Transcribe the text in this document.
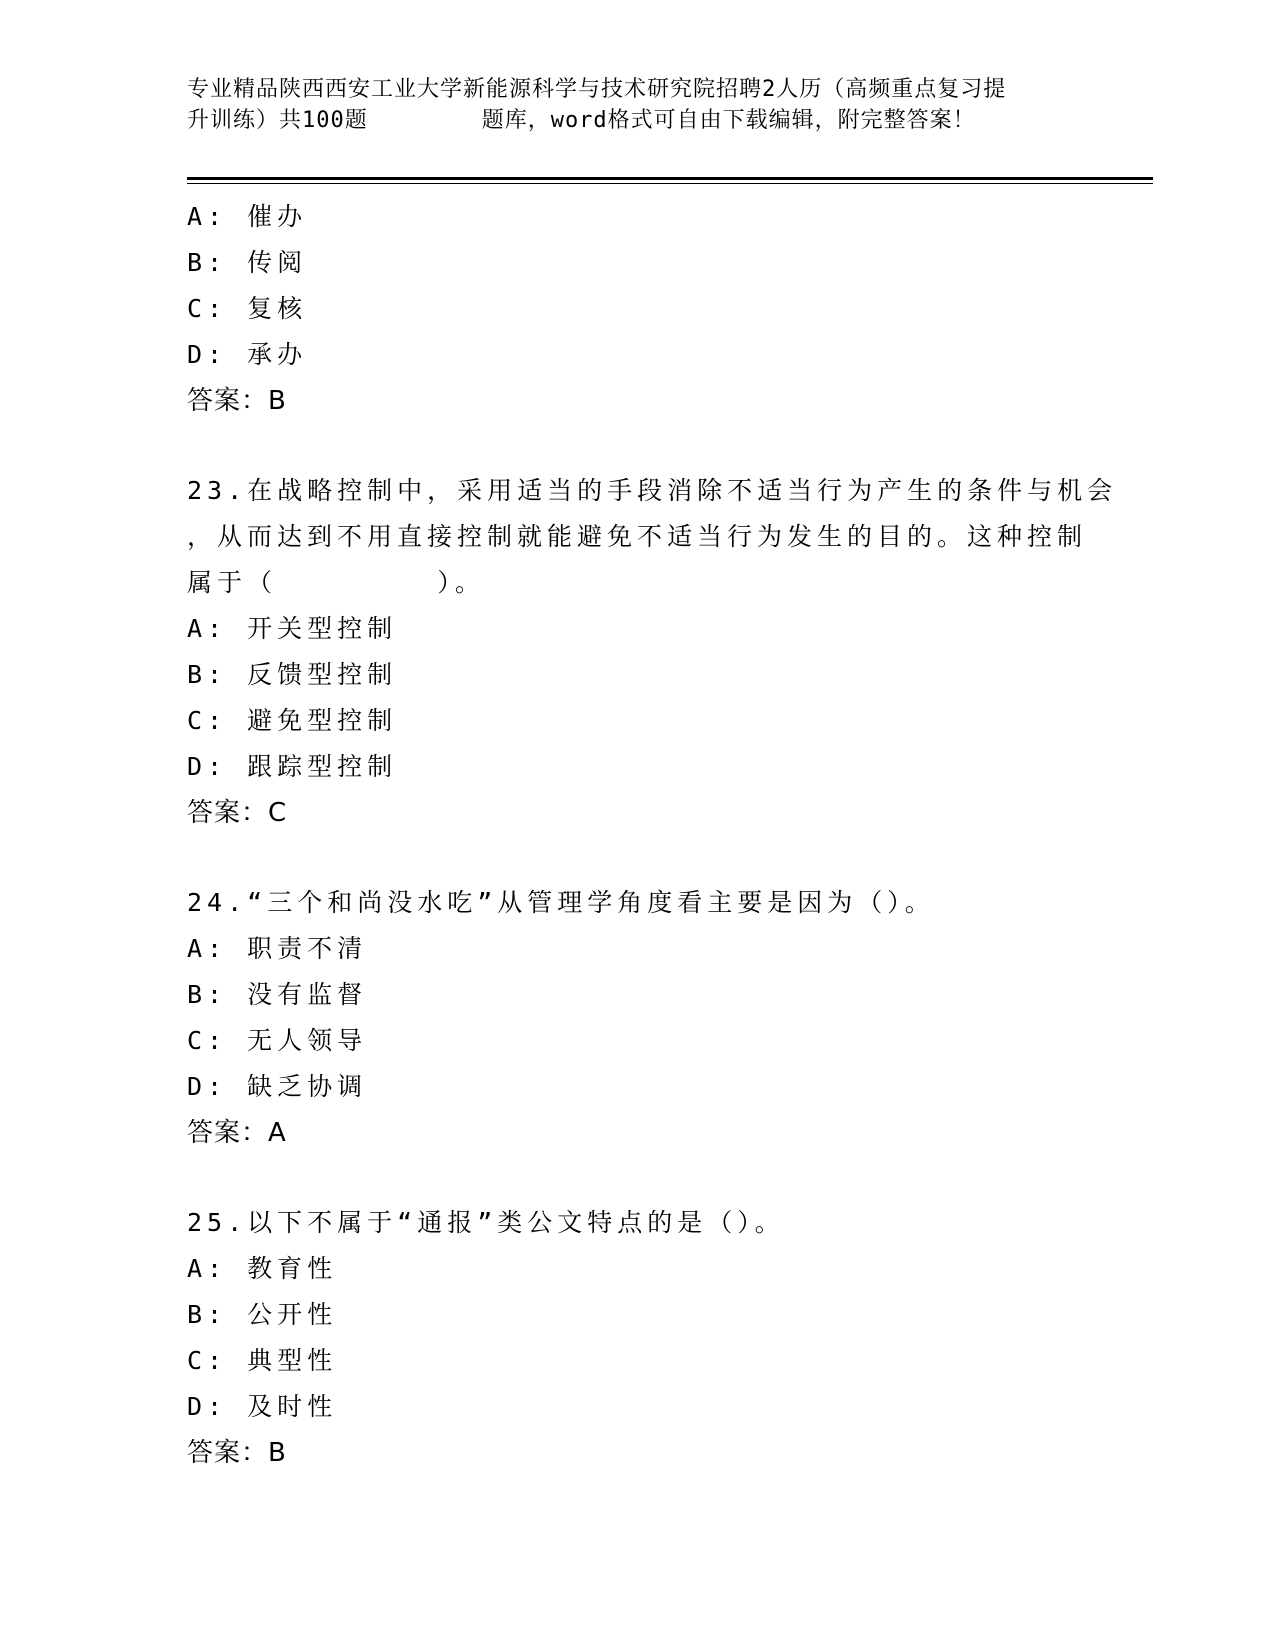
专业精品陕西西安工业大学新能源科学与技术研究院招聘2人历（高频重点复习提
升训练）共100题        题库，word格式可自由下载编辑，附完整答案！
A: 催办
B: 传阅
C: 复核
D: 承办
答案：B
23.在战略控制中，采用适当的手段消除不适当行为产生的条件与机会
，从而达到不用直接控制就能避免不适当行为发生的目的。这种控制
属于（        ）。
A: 开关型控制
B: 反馈型控制
C: 避免型控制
D: 跟踪型控制
答案：C
24.“三个和尚没水吃”从管理学角度看主要是因为（）。
A: 职责不清
B: 没有监督
C: 无人领导
D: 缺乏协调
答案：A
25.以下不属于“通报”类公文特点的是（）。
A: 教育性
B: 公开性
C: 典型性
D: 及时性
答案：B
